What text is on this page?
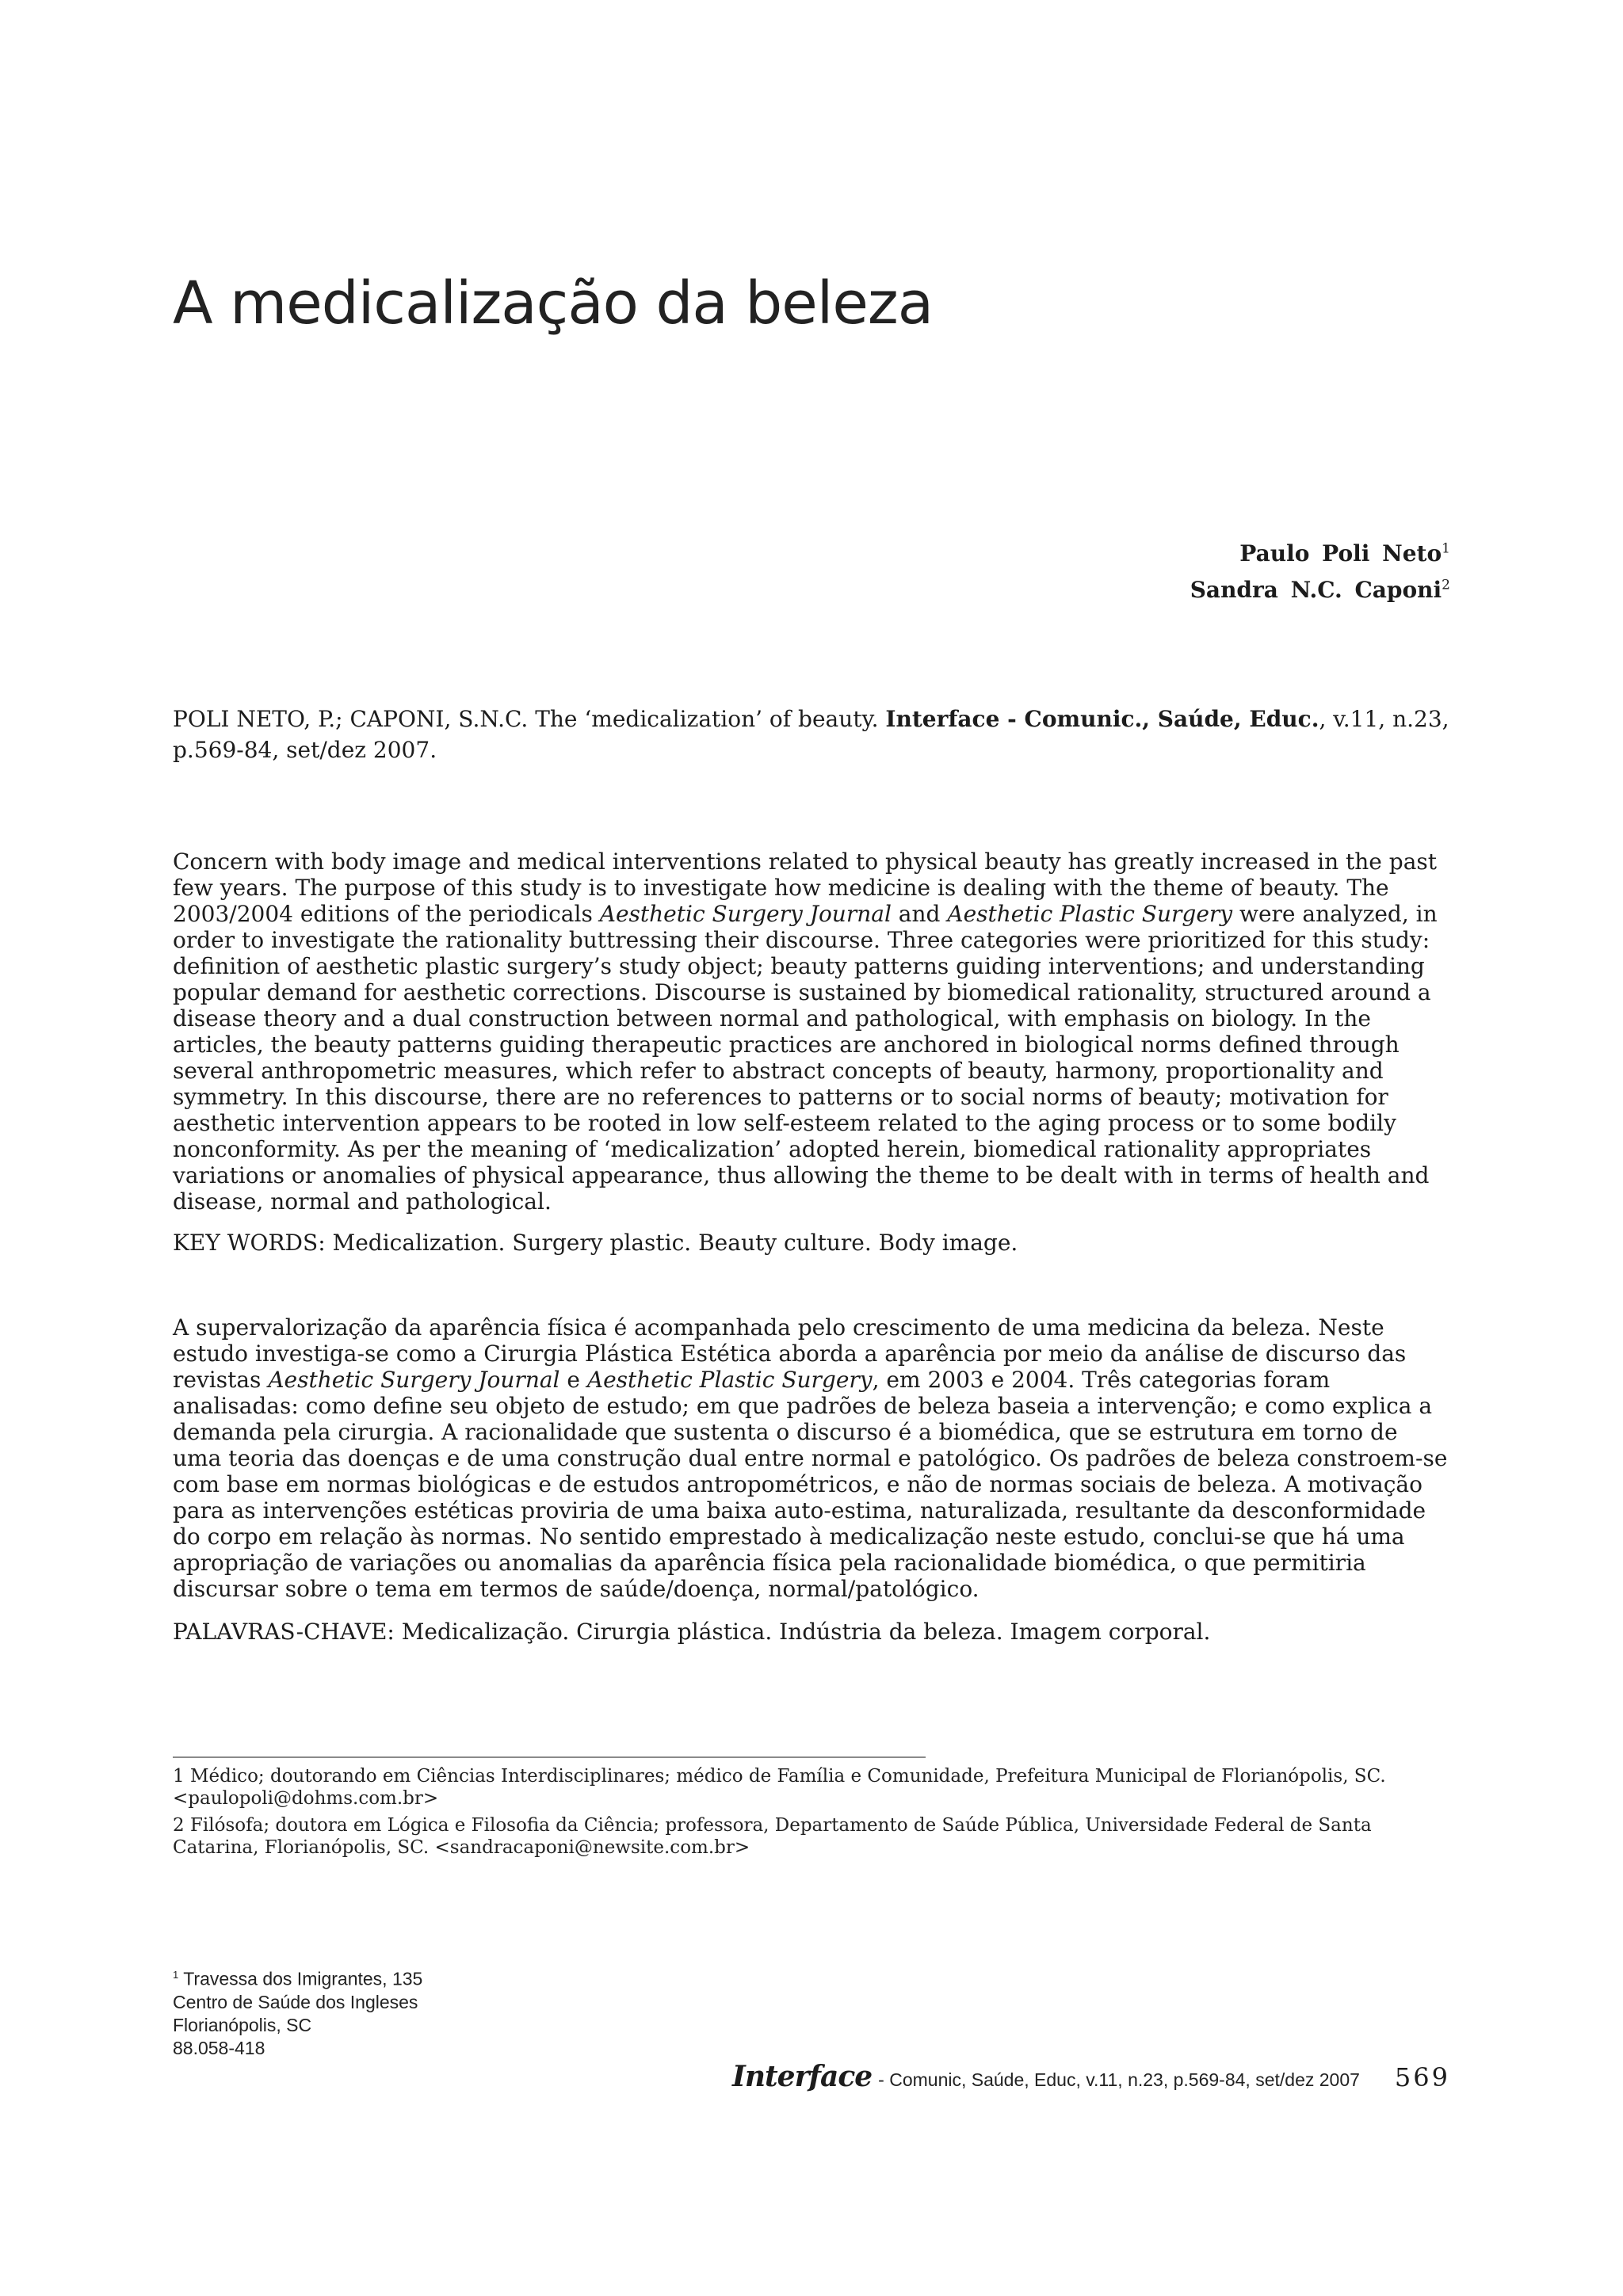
A medicalização da beleza
Paulo Poli Neto$^1$
Sandra N.C. Caponi$^2$

POLI NETO, P.; CAPONI, S.N.C. The ‘medicalization’ of beauty. Interface - Comunic., Saúde, Educ., v.11, n.23, p.569-84, set/dez 2007.

Concern with body image and medical interventions related to physical beauty has greatly increased in the past few years. The purpose of this study is to investigate how medicine is dealing with the theme of beauty. The 2003/2004 editions of the periodicals Aesthetic Surgery Journal and Aesthetic Plastic Surgery were analyzed, in order to investigate the rationality buttressing their discourse. Three categories were prioritized for this study: definition of aesthetic plastic surgery’s study object; beauty patterns guiding interventions; and understanding popular demand for aesthetic corrections. Discourse is sustained by biomedical rationality, structured around a disease theory and a dual construction between normal and pathological, with emphasis on biology. In the articles, the beauty patterns guiding therapeutic practices are anchored in biological norms defined through several anthropometric measures, which refer to abstract concepts of beauty, harmony, proportionality and symmetry. In this discourse, there are no references to patterns or to social norms of beauty; motivation for aesthetic intervention appears to be rooted in low self-esteem related to the aging process or to some bodily nonconformity. As per the meaning of ‘medicalization’ adopted herein, biomedical rationality appropriates variations or anomalies of physical appearance, thus allowing the theme to be dealt with in terms of health and disease, normal and pathological.

KEY WORDS: Medicalization. Surgery plastic. Beauty culture. Body image.

A supervalorização da aparência física é acompanhada pelo crescimento de uma medicina da beleza. Neste estudo investiga-se como a Cirurgia Plástica Estética aborda a aparência por meio da análise de discurso das revistas Aesthetic Surgery Journal e Aesthetic Plastic Surgery, em 2003 e 2004. Três categorias foram analisadas: como define seu objeto de estudo; em que padrões de beleza baseia a intervenção; e como explica a demanda pela cirurgia. A racionalidade que sustenta o discurso é a biomédica, que se estrutura em torno de uma teoria das doenças e de uma construção dual entre normal e patológico. Os padrões de beleza constroem-se com base em normas biológicas e de estudos antropométricos, e não de normas sociais de beleza. A motivação para as intervenções estéticas proviria de uma baixa auto-estima, naturalizada, resultante da desconformidade do corpo em relação às normas. No sentido emprestado à medicalização neste estudo, conclui-se que há uma apropriação de variações ou anomalias da aparência física pela racionalidade biomédica, o que permitiria discursar sobre o tema em termos de saúde/doença, normal/patológico.

PALAVRAS-CHAVE: Medicalização. Cirurgia plástica. Indústria da beleza. Imagem corporal.

1 Médico; doutorando em Ciências Interdisciplinares; médico de Família e Comunidade, Prefeitura Municipal de Florianópolis, SC. <paulopoli@dohms.com.br>

2 Filósofa; doutora em Lógica e Filosofia da Ciência; professora, Departamento de Saúde Pública, Universidade Federal de Santa Catarina, Florianópolis, SC. <sandracaponi@newsite.com.br>

$^1$ Travessa dos Imigrantes, 135
Centro de Saúde dos Ingleses
Florianópolis, SC
88.058-418
Interface - Comunic, Saúde, Educ, v.11, n.23, p.569-84, set/dez 2007 569
